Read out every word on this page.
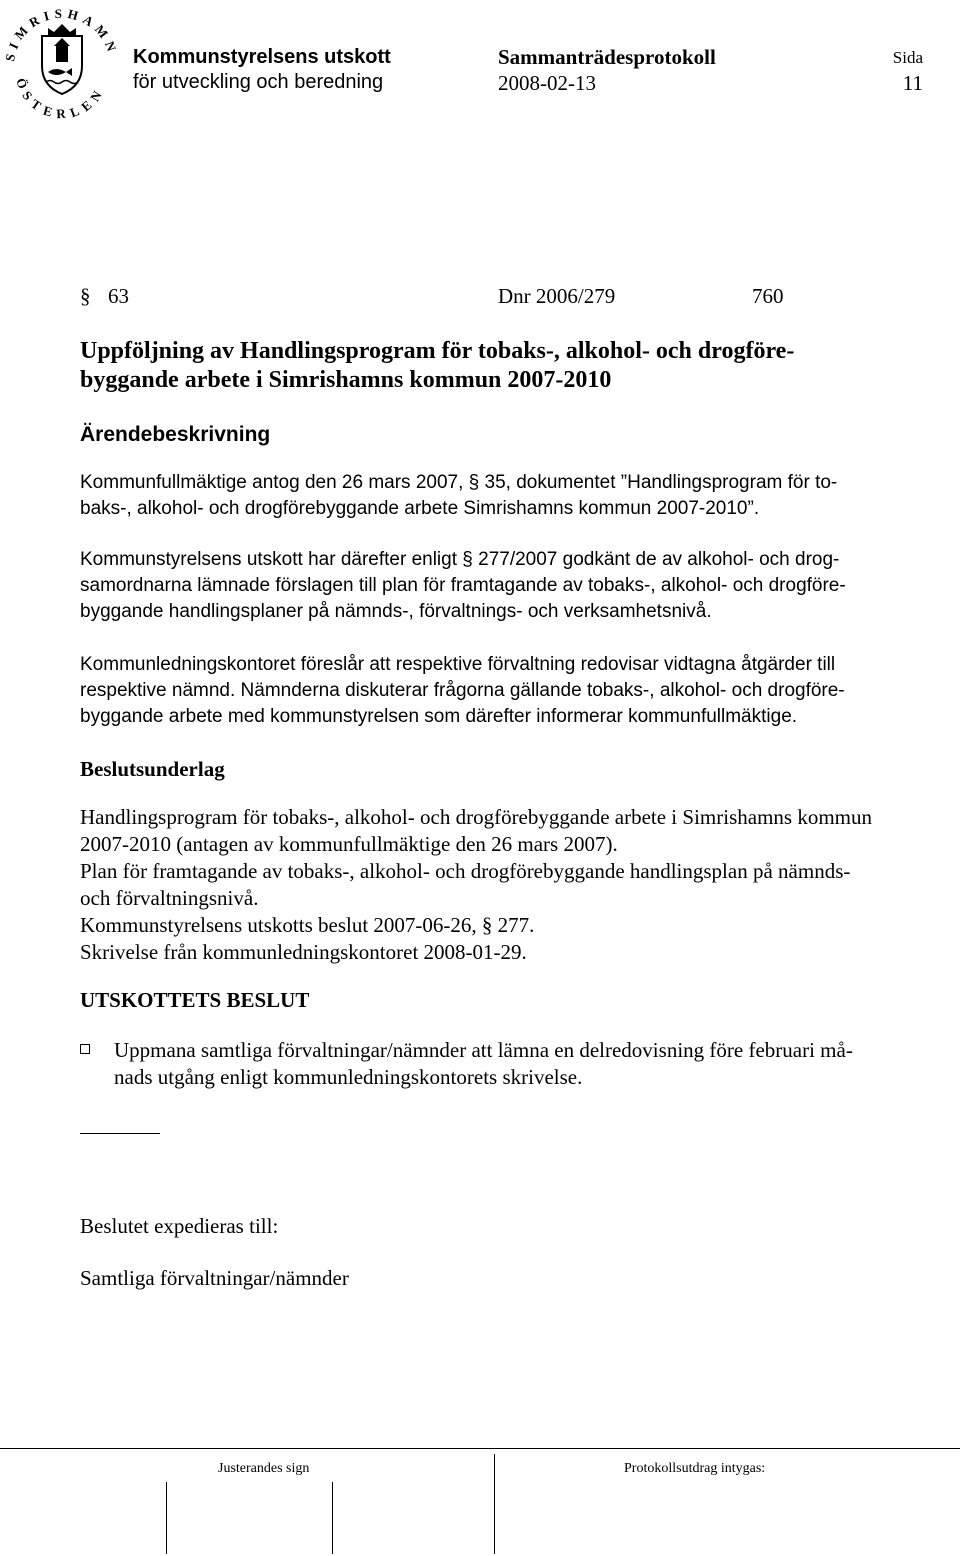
SIMRISHAMN
ÖSTERLEN
Kommunstyrelsens utskott
för utveckling och beredning
Sammanträdesprotokoll
2008-02-13
Sida
11
§ 63	Dnr 2006/279	760
Uppföljning av Handlingsprogram för tobaks-, alkohol- och drogföre-
byggande arbete i Simrishamns kommun 2007-2010
Ärendebeskrivning
Kommunfullmäktige antog den 26 mars 2007, § 35, dokumentet ”Handlingsprogram för to-
baks-, alkohol- och drogförebyggande arbete Simrishamns kommun 2007-2010”.
Kommunstyrelsens utskott har därefter enligt § 277/2007 godkänt de av alkohol- och drog-
samordnarna lämnade förslagen till plan för framtagande av tobaks-, alkohol- och drogföre-
byggande handlingsplaner på nämnds-, förvaltnings- och verksamhetsnivå.
Kommunledningskontoret föreslår att respektive förvaltning redovisar vidtagna åtgärder till
respektive nämnd. Nämnderna diskuterar frågorna gällande tobaks-, alkohol- och drogföre-
byggande arbete med kommunstyrelsen som därefter informerar kommunfullmäktige.
Beslutsunderlag
Handlingsprogram för tobaks-, alkohol- och drogförebyggande arbete i Simrishamns kommun
2007-2010 (antagen av kommunfullmäktige den 26 mars 2007).
Plan för framtagande av tobaks-, alkohol- och drogförebyggande handlingsplan på nämnds-
och förvaltningsnivå.
Kommunstyrelsens utskotts beslut 2007-06-26, § 277.
Skrivelse från kommunledningskontoret 2008-01-29.
UTSKOTTETS BESLUT
Uppmana samtliga förvaltningar/nämnder att lämna en delredovisning före februari må-
nads utgång enligt kommunledningskontorets skrivelse.
Beslutet expedieras till:
Samtliga förvaltningar/nämnder
Justerandes sign	Protokollsutdrag intygas:
